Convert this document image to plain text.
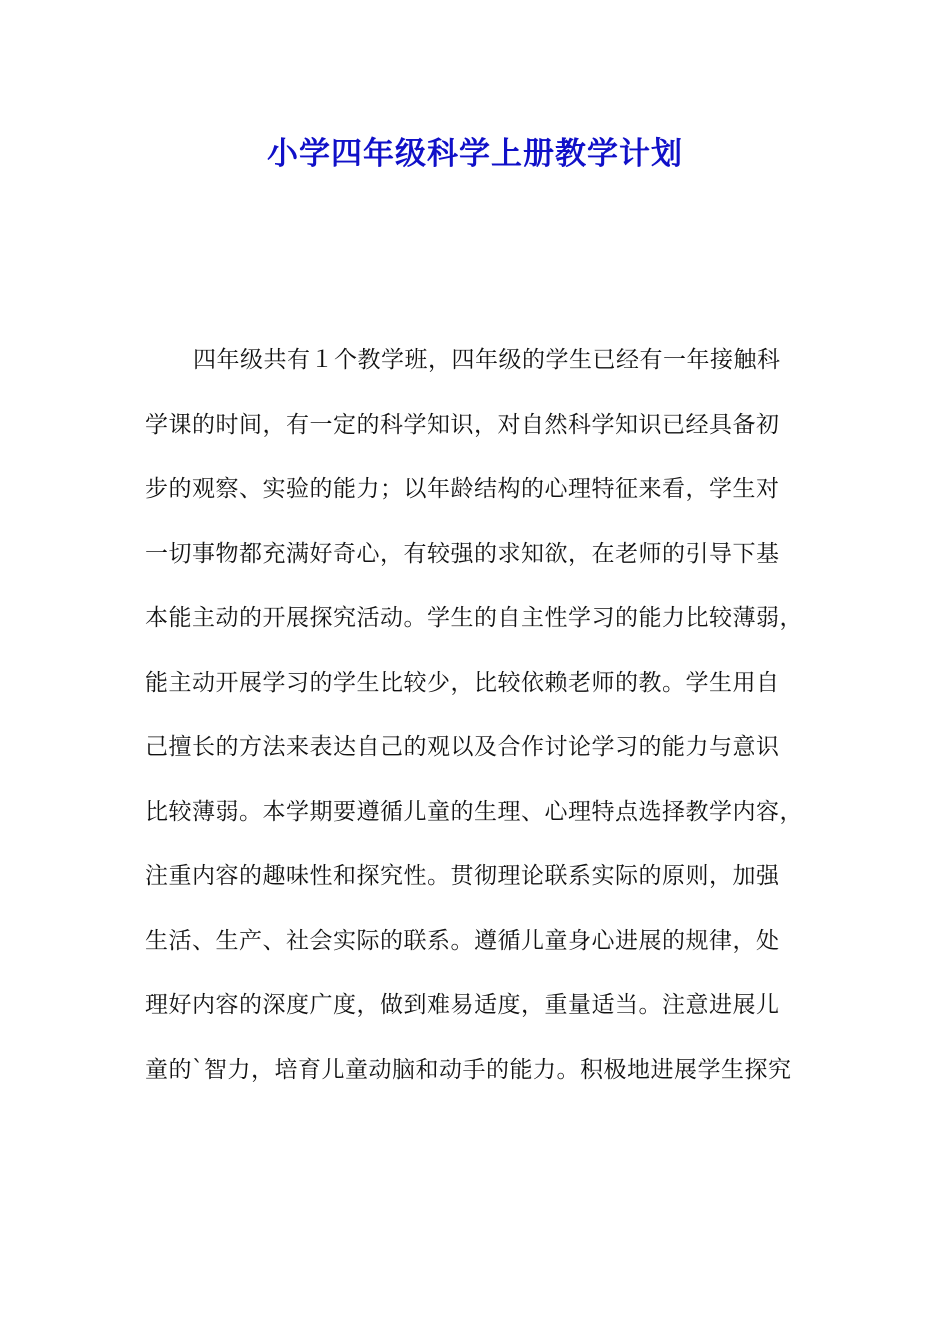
小学四年级科学上册教学计划
四年级共有１个教学班，四年级的学生已经有一年接触科
学课的时间，有一定的科学知识，对自然科学知识已经具备初
步的观察、实验的能力；以年龄结构的心理特征来看，学生对
一切事物都充满好奇心，有较强的求知欲，在老师的引导下基
本能主动的开展探究活动。学生的自主性学习的能力比较薄弱，
能主动开展学习的学生比较少，比较依赖老师的教。学生用自
己擅长的方法来表达自己的观以及合作讨论学习的能力与意识
比较薄弱。本学期要遵循儿童的生理、心理特点选择教学内容，
注重内容的趣味性和探究性。贯彻理论联系实际的原则，加强
生活、生产、社会实际的联系。遵循儿童身心进展的规律，处
理好内容的深度广度，做到难易适度，重量适当。注意进展儿
童的`智力，培育儿童动脑和动手的能力。积极地进展学生探究
